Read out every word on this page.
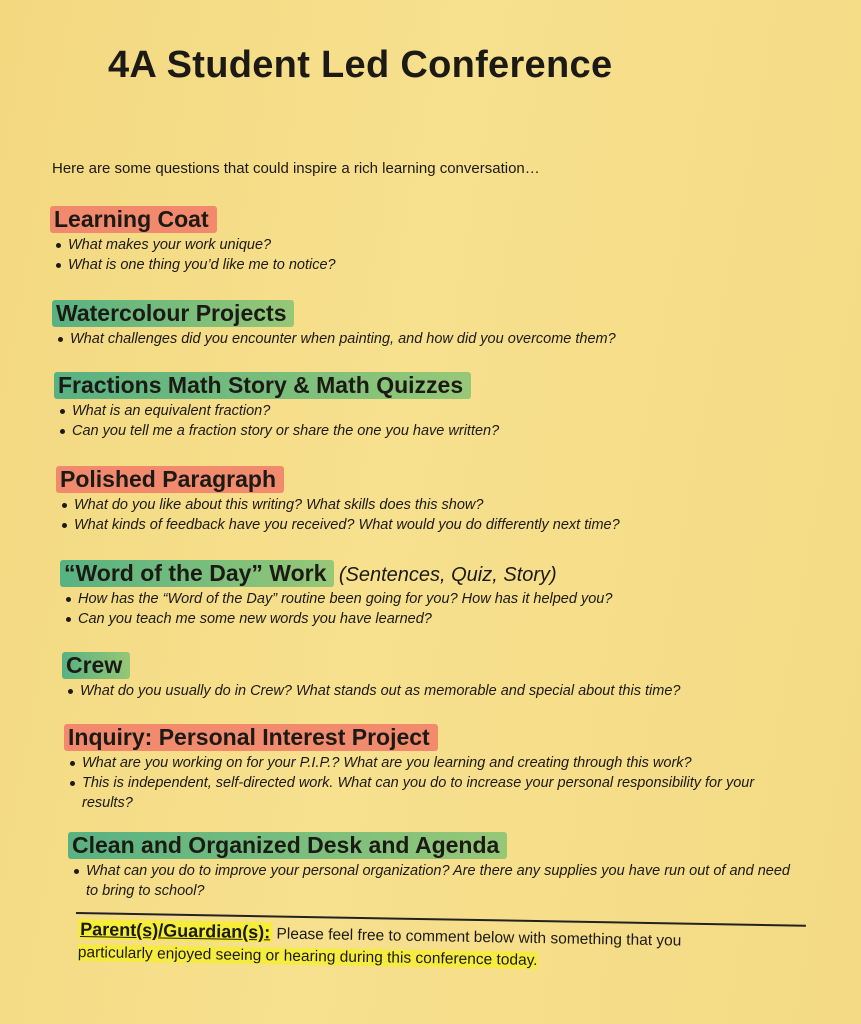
4A Student Led Conference
Here are some questions that could inspire a rich learning conversation…
Learning Coat
What makes your work unique?
What is one thing you’d like me to notice?
Watercolour Projects
What challenges did you encounter when painting, and how did you overcome them?
Fractions Math Story & Math Quizzes
What is an equivalent fraction?
Can you tell me a fraction story or share the one you have written?
Polished Paragraph
What do you like about this writing? What skills does this show?
What kinds of feedback have you received? What would you do differently next time?
“Word of the Day” Work (Sentences, Quiz, Story)
How has the “Word of the Day” routine been going for you? How has it helped you?
Can you teach me some new words you have learned?
Crew
What do you usually do in Crew? What stands out as memorable and special about this time?
Inquiry: Personal Interest Project
What are you working on for your P.I.P.? What are you learning and creating through this work?
This is independent, self-directed work. What can you do to increase your personal responsibility for your results?
Clean and Organized Desk and Agenda
What can you do to improve your personal organization? Are there any supplies you have run out of and need to bring to school?
Parent(s)/Guardian(s): Please feel free to comment below with something that you
particularly enjoyed seeing or hearing during this conference today.
